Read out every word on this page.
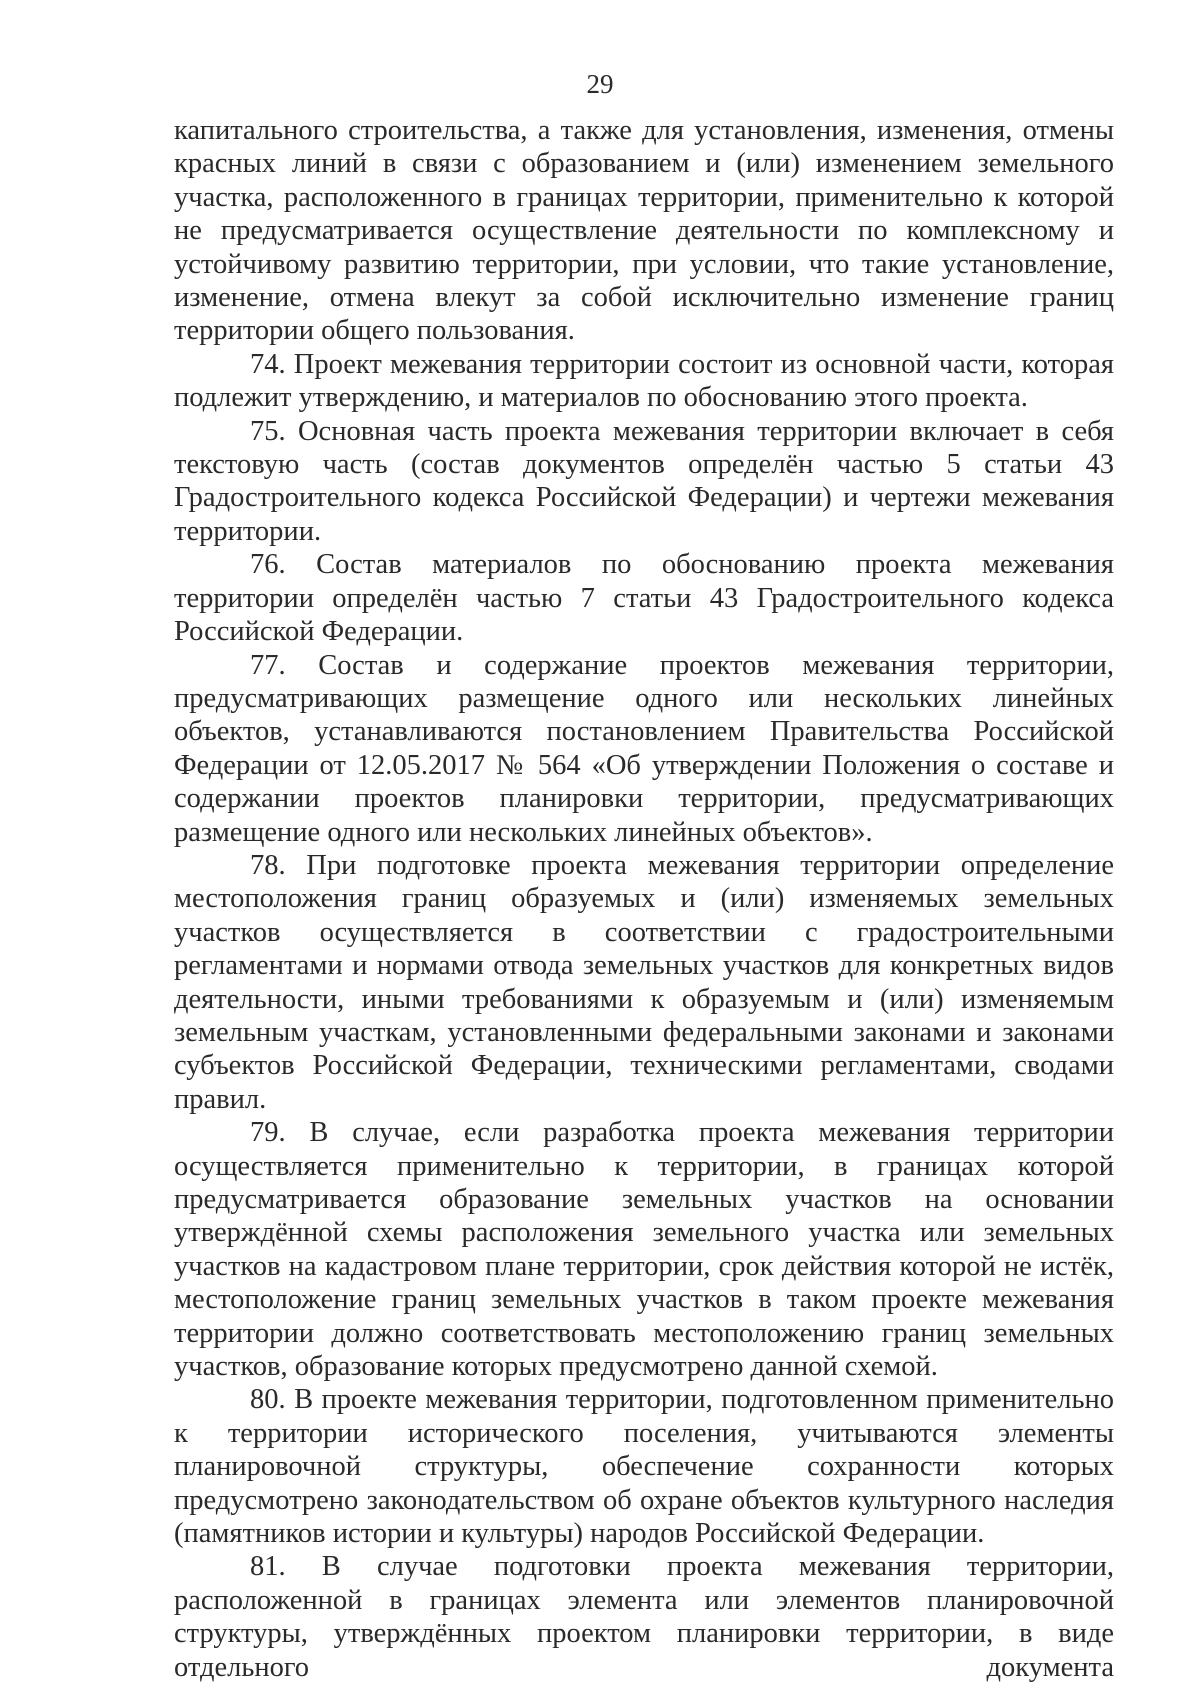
29

капитального строительства, а также для установления, изменения, отмены красных линий в связи с образованием и (или) изменением земельного участка, расположенного в границах территории, применительно к которой не предусматривается осуществление деятельности по комплексному и устойчивому развитию территории, при условии, что такие установление, изменение, отмена влекут за собой исключительно изменение границ территории общего пользования.

74. Проект межевания территории состоит из основной части, которая подлежит утверждению, и материалов по обоснованию этого проекта.

75. Основная часть проекта межевания территории включает в себя текстовую часть (состав документов определён частью 5 статьи 43 Градостроительного кодекса Российской Федерации) и чертежи межевания территории.

76. Состав материалов по обоснованию проекта межевания территории определён частью 7 статьи 43 Градостроительного кодекса Российской Федерации.

77. Состав и содержание проектов межевания территории, предусматривающих размещение одного или нескольких линейных объектов, устанавливаются постановлением Правительства Российской Федерации от 12.05.2017 № 564 «Об утверждении Положения о составе и содержании проектов планировки территории, предусматривающих размещение одного или нескольких линейных объектов».

78. При подготовке проекта межевания территории определение местоположения границ образуемых и (или) изменяемых земельных участков осуществляется в соответствии с градостроительными регламентами и нормами отвода земельных участков для конкретных видов деятельности, иными требованиями к образуемым и (или) изменяемым земельным участкам, установленными федеральными законами и законами субъектов Российской Федерации, техническими регламентами, сводами правил.

79. В случае, если разработка проекта межевания территории осуществляется применительно к территории, в границах которой предусматривается образование земельных участков на основании утверждённой схемы расположения земельного участка или земельных участков на кадастровом плане территории, срок действия которой не истёк, местоположение границ земельных участков в таком проекте межевания территории должно соответствовать местоположению границ земельных участков, образование которых предусмотрено данной схемой.

80. В проекте межевания территории, подготовленном применительно к территории исторического поселения, учитываются элементы планировочной структуры, обеспечение сохранности которых предусмотрено законодательством об охране объектов культурного наследия (памятников истории и культуры) народов Российской Федерации.

81. В случае подготовки проекта межевания территории, расположенной в границах элемента или элементов планировочной структуры, утверждённых проектом планировки территории, в виде отдельного документа
